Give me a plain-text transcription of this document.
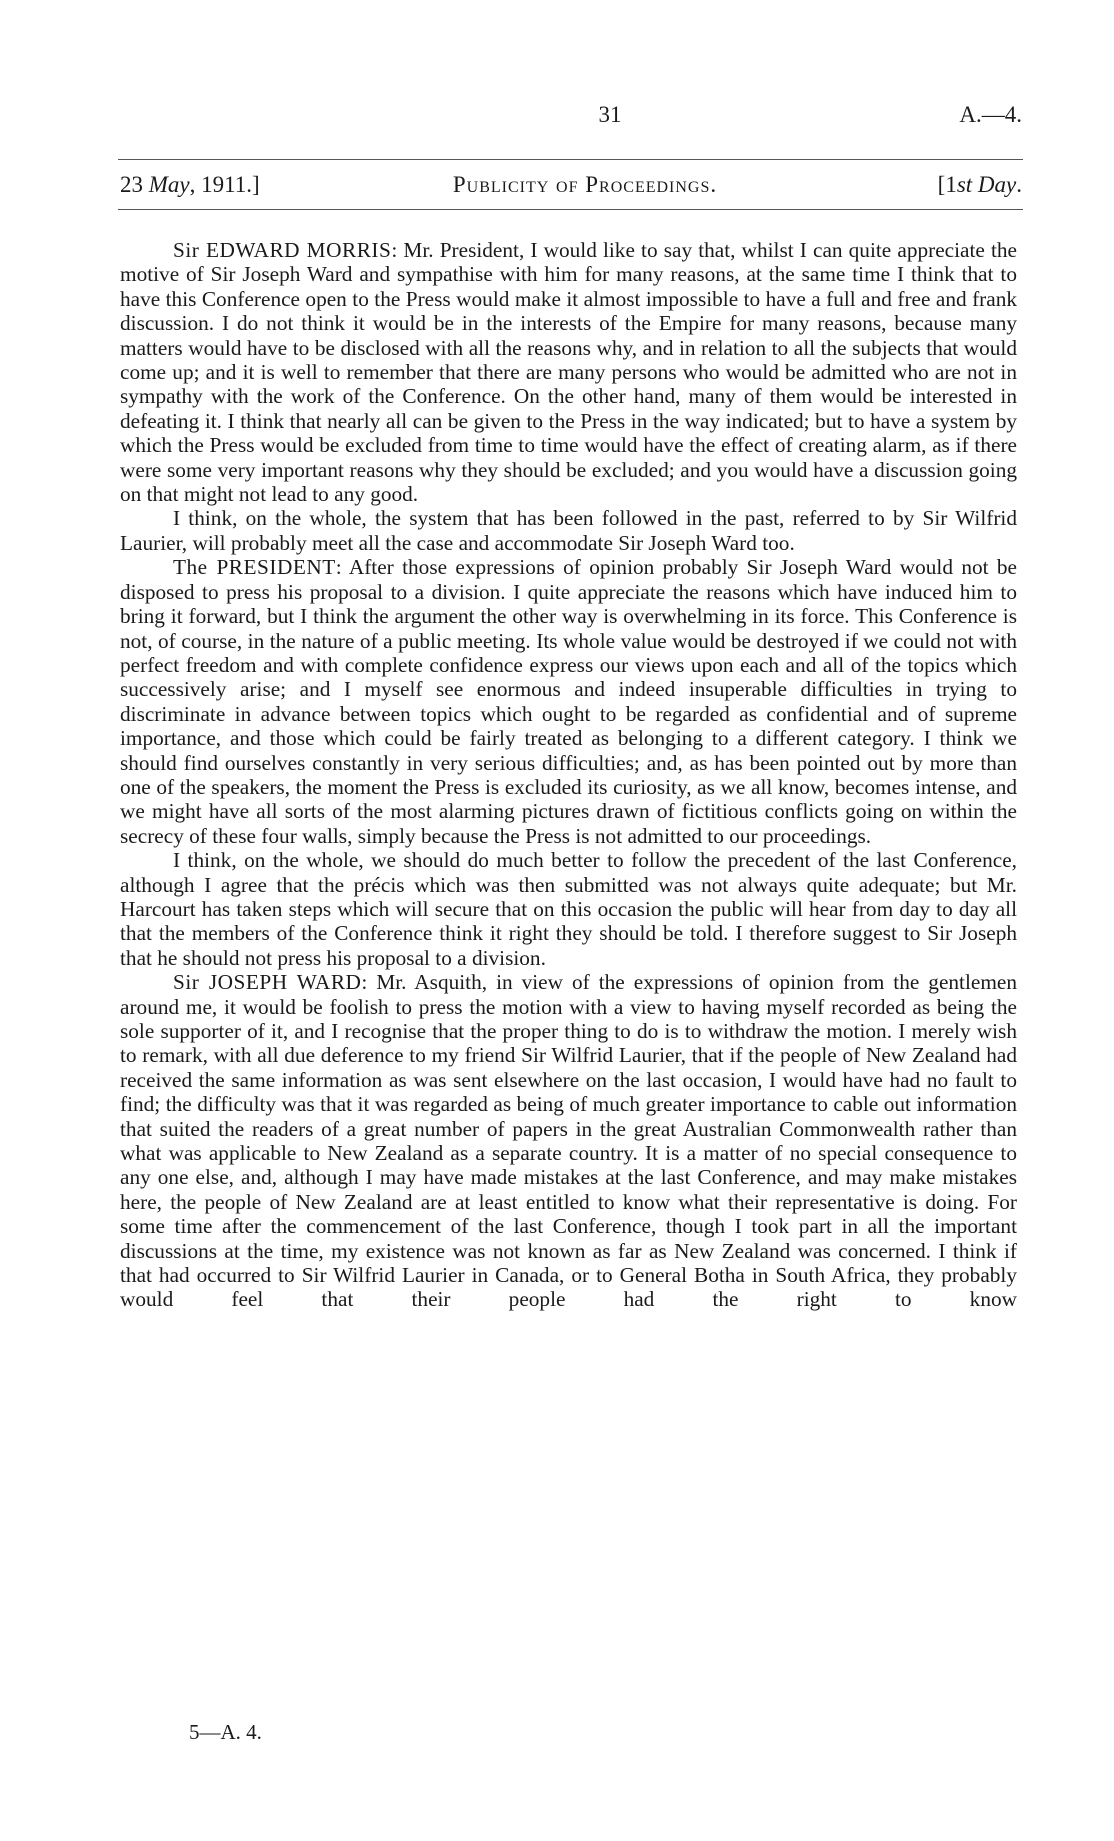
31	A.—4.
23 May, 1911.]	Publicity of Proceedings.	[1st Day.

Sir EDWARD MORRIS: Mr. President, I would like to say that, whilst I can quite appreciate the motive of Sir Joseph Ward and sympathise with him for many reasons, at the same time I think that to have this Conference open to the Press would make it almost impossible to have a full and free and frank discussion. I do not think it would be in the interests of the Empire for many reasons, because many matters would have to be disclosed with all the reasons why, and in relation to all the subjects that would come up; and it is well to remember that there are many persons who would be admitted who are not in sympathy with the work of the Conference. On the other hand, many of them would be interested in defeating it. I think that nearly all can be given to the Press in the way indicated; but to have a system by which the Press would be excluded from time to time would have the effect of creating alarm, as if there were some very important reasons why they should be excluded; and you would have a discussion going on that might not lead to any good.

I think, on the whole, the system that has been followed in the past, referred to by Sir Wilfrid Laurier, will probably meet all the case and accommodate Sir Joseph Ward too.

The PRESIDENT: After those expressions of opinion probably Sir Joseph Ward would not be disposed to press his proposal to a division. I quite appreciate the reasons which have induced him to bring it forward, but I think the argument the other way is overwhelming in its force. This Conference is not, of course, in the nature of a public meeting. Its whole value would be destroyed if we could not with perfect freedom and with complete confidence express our views upon each and all of the topics which successively arise; and I myself see enormous and indeed insuperable difficulties in trying to discriminate in advance between topics which ought to be regarded as confidential and of supreme importance, and those which could be fairly treated as belonging to a different category. I think we should find ourselves constantly in very serious difficulties; and, as has been pointed out by more than one of the speakers, the moment the Press is excluded its curiosity, as we all know, becomes intense, and we might have all sorts of the most alarming pictures drawn of fictitious conflicts going on within the secrecy of these four walls, simply because the Press is not admitted to our proceedings.

I think, on the whole, we should do much better to follow the precedent of the last Conference, although I agree that the précis which was then submitted was not always quite adequate; but Mr. Harcourt has taken steps which will secure that on this occasion the public will hear from day to day all that the members of the Conference think it right they should be told. I therefore suggest to Sir Joseph that he should not press his proposal to a division.

Sir JOSEPH WARD: Mr. Asquith, in view of the expressions of opinion from the gentlemen around me, it would be foolish to press the motion with a view to having myself recorded as being the sole supporter of it, and I recognise that the proper thing to do is to withdraw the motion. I merely wish to remark, with all due deference to my friend Sir Wilfrid Laurier, that if the people of New Zealand had received the same information as was sent elsewhere on the last occasion, I would have had no fault to find; the difficulty was that it was regarded as being of much greater importance to cable out information that suited the readers of a great number of papers in the great Australian Commonwealth rather than what was applicable to New Zealand as a separate country. It is a matter of no special consequence to any one else, and, although I may have made mistakes at the last Conference, and may make mistakes here, the people of New Zealand are at least entitled to know what their representative is doing. For some time after the commencement of the last Conference, though I took part in all the important discussions at the time, my existence was not known as far as New Zealand was concerned. I think if that had occurred to Sir Wilfrid Laurier in Canada, or to General Botha in South Africa, they probably would feel that their people had the right to know

5—A. 4.
